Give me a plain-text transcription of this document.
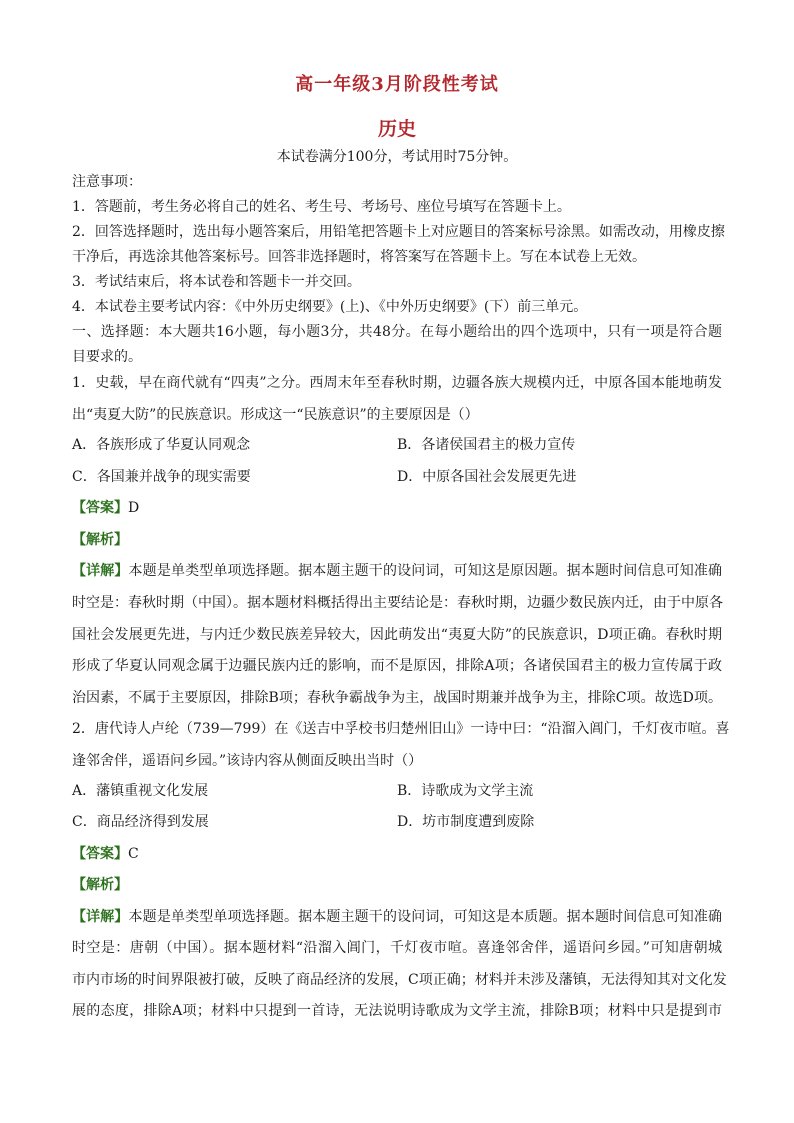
高一年级3月阶段性考试
历史
本试卷满分100分，考试用时75分钟。
注意事项：
1．答题前，考生务必将自己的姓名、考生号、考场号、座位号填写在答题卡上。
2．回答选择题时，选出每小题答案后，用铅笔把答题卡上对应题目的答案标号涂黑。如需改动，用橡皮擦
干净后，再选涂其他答案标号。回答非选择题时，将答案写在答题卡上。写在本试卷上无效。
3．考试结束后，将本试卷和答题卡一并交回。
4．本试卷主要考试内容：《中外历史纲要》(上)、《中外历史纲要》(下）前三单元。
一、选择题：本大题共16小题，每小题3分，共48分。在每小题给出的四个选项中，只有一项是符合题
目要求的。
1．史载，早在商代就有“四夷”之分。西周末年至春秋时期，边疆各族大规模内迁，中原各国本能地萌发
出“夷夏大防”的民族意识。形成这一“民族意识”的主要原因是（）
A．各族形成了华夏认同观念	B．各诸侯国君主的极力宣传
C．各国兼并战争的现实需要	D．中原各国社会发展更先进
【答案】D
【解析】
【详解】本题是单类型单项选择题。据本题主题干的设问词，可知这是原因题。据本题时间信息可知准确
时空是：春秋时期（中国）。据本题材料概括得出主要结论是：春秋时期，边疆少数民族内迁，由于中原各
国社会发展更先进，与内迁少数民族差异较大，因此萌发出“夷夏大防”的民族意识，D项正确。春秋时期
形成了华夏认同观念属于边疆民族内迁的影响，而不是原因，排除A项；各诸侯国君主的极力宣传属于政
治因素，不属于主要原因，排除B项；春秋争霸战争为主，战国时期兼并战争为主，排除C项。故选D项。
2．唐代诗人卢纶（739—799）在《送吉中孚校书归楚州旧山》一诗中曰：“沿溜入阊门，千灯夜市喧。喜
逢邻舍伴，遥语问乡园。”该诗内容从侧面反映出当时（）
A．藩镇重视文化发展	B．诗歌成为文学主流
C．商品经济得到发展	D．坊市制度遭到废除
【答案】C
【解析】
【详解】本题是单类型单项选择题。据本题主题干的设问词，可知这是本质题。据本题时间信息可知准确
时空是：唐朝（中国）。据本题材料“沿溜入阊门，千灯夜市喧。喜逢邻舍伴，遥语问乡园。”可知唐朝城
市内市场的时间界限被打破，反映了商品经济的发展，C项正确；材料并未涉及藩镇，无法得知其对文化发
展的态度，排除A项；材料中只提到一首诗，无法说明诗歌成为文学主流，排除B项；材料中只是提到市
